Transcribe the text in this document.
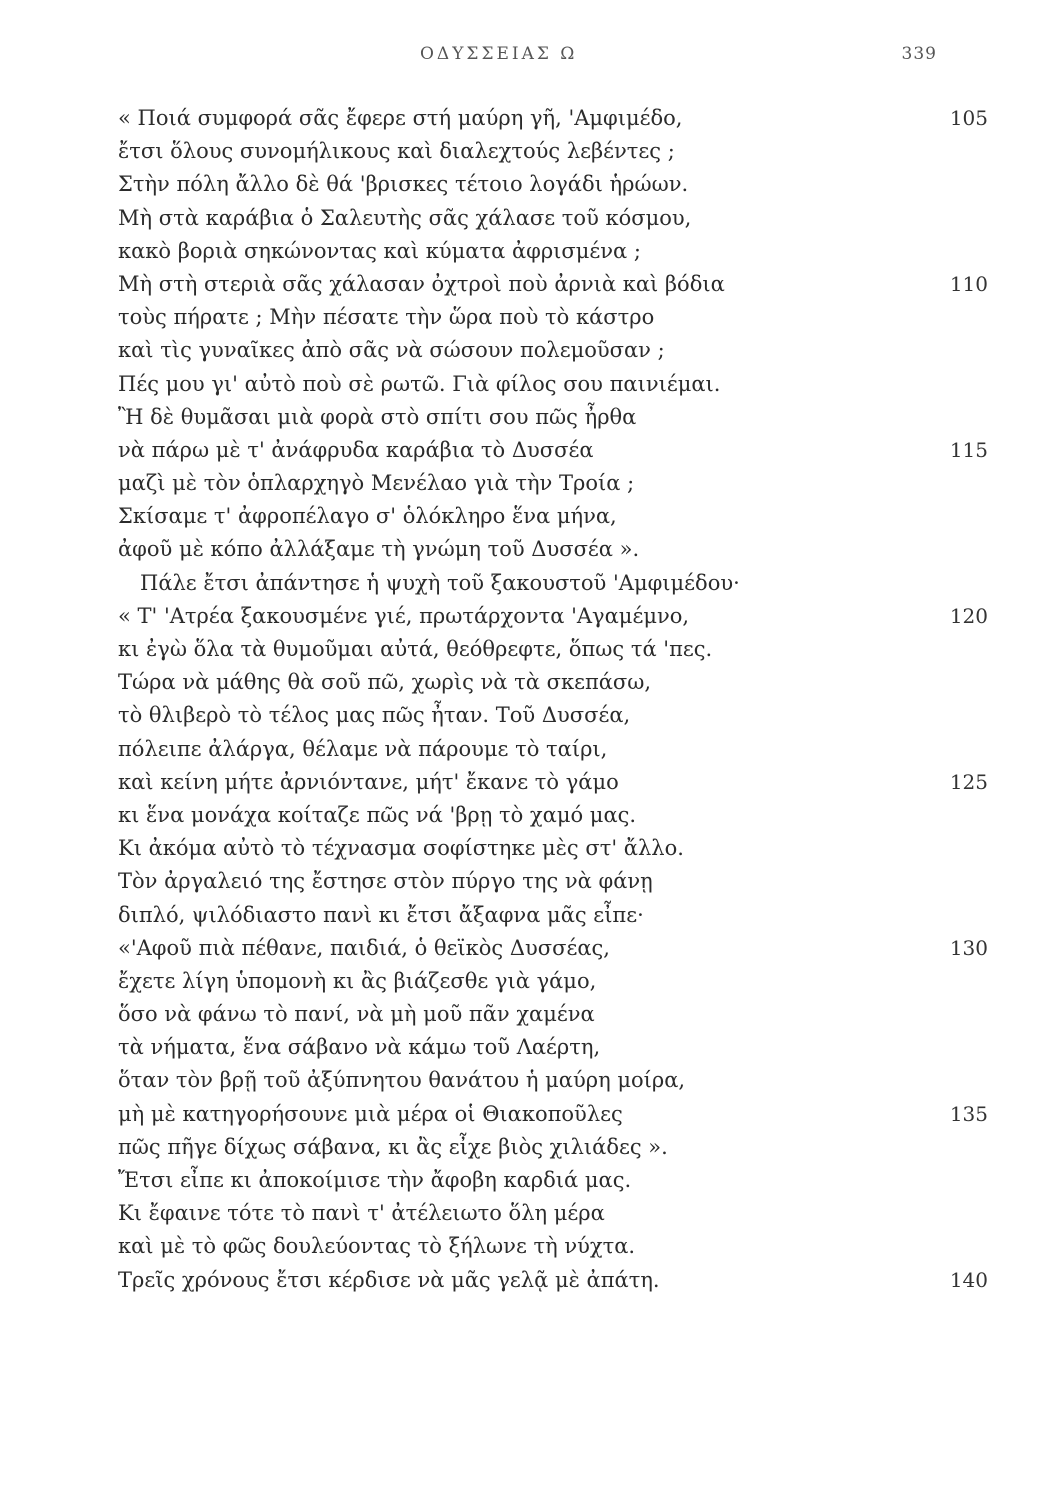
ΟΔΥΣΣΕΙΑΣ Ω	339
« Ποιά συμφορά σᾶς ἔφερε στή μαύρη γῆ, 'Αμφιμέδο,	105
ἔτσι ὅλους συνομήλικους καὶ διαλεχτούς λεβέντες ;
Στὴν πόλη ἄλλο δὲ θά 'βρισκες τέτοιο λογάδι ἡρώων.
Μὴ στὰ καράβια ὁ Σαλευτὴς σᾶς χάλασε τοῦ κόσμου,
κακὸ βοριὰ σηκώνοντας καὶ κύματα ἀφρισμένα ;
Μὴ στὴ στεριὰ σᾶς χάλασαν ὀχτροὶ ποὺ ἀρνιὰ καὶ βόδια	110
τοὺς πήρατε ; Μὴν πέσατε τὴν ὥρα ποὺ τὸ κάστρο
καὶ τὶς γυναῖκες ἀπὸ σᾶς νὰ σώσουν πολεμοῦσαν ;
Πές μου γι' αὐτὸ ποὺ σὲ ρωτῶ. Γιὰ φίλος σου παινιέμαι.
Ἢ δὲ θυμᾶσαι μιὰ φορὰ στὸ σπίτι σου πῶς ἦρθα
νὰ πάρω μὲ τ' ἀνάφρυδα καράβια τὸ Δυσσέα	115
μαζὶ μὲ τὸν ὁπλαρχηγὸ Μενέλαο γιὰ τὴν Τροία ;
Σκίσαμε τ' ἀφροπέλαγο σ' ὁλόκληρο ἕνα μήνα,
ἀφοῦ μὲ κόπο ἀλλάξαμε τὴ γνώμη τοῦ Δυσσέα ».
Πάλε ἔτσι ἀπάντησε ἡ ψυχὴ τοῦ ξακουστοῦ 'Αμφιμέδου·
« Τ' 'Ατρέα ξακουσμένε γιέ, πρωτάρχοντα 'Αγαμέμνο,	120
κι ἐγὼ ὅλα τὰ θυμοῦμαι αὐτά, θεόθρεφτε, ὅπως τά 'πες.
Τώρα νὰ μάθης θὰ σοῦ πῶ, χωρὶς νὰ τὰ σκεπάσω,
τὸ θλιβερὸ τὸ τέλος μας πῶς ἦταν. Τοῦ Δυσσέα,
πόλειπε ἀλάργα, θέλαμε νὰ πάρουμε τὸ ταίρι,
καὶ κείνη μήτε ἀρνιόντανε, μήτ' ἔκανε τὸ γάμο	125
κι ἕνα μονάχα κοίταζε πῶς νά 'βρῃ τὸ χαμό μας.
Κι ἀκόμα αὐτὸ τὸ τέχνασμα σοφίστηκε μὲς στ' ἄλλο.
Τὸν ἀργαλειό της ἔστησε στὸν πύργο της νὰ φάνῃ
διπλό, ψιλόδιαστο πανὶ κι ἔτσι ἄξαφνα μᾶς εἶπε·
«'Αφοῦ πιὰ πέθανε, παιδιά, ὁ θεϊκὸς Δυσσέας,	130
ἔχετε λίγη ὑπομονὴ κι ἂς βιάζεσθε γιὰ γάμο,
ὅσο νὰ φάνω τὸ πανί, νὰ μὴ μοῦ πᾶν χαμένα
τὰ νήματα, ἕνα σάβανο νὰ κάμω τοῦ Λαέρτη,
ὅταν τὸν βρῇ τοῦ ἀξύπνητου θανάτου ἡ μαύρη μοίρα,
μὴ μὲ κατηγορήσουνε μιὰ μέρα οἱ Θιακοποῦλες	135
πῶς πῆγε δίχως σάβανα, κι ἂς εἶχε βιὸς χιλιάδες ».
Ἔτσι εἶπε κι ἀποκοίμισε τὴν ἄφοβη καρδιά μας.
Κι ἔφαινε τότε τὸ πανὶ τ' ἀτέλειωτο ὅλη μέρα
καὶ μὲ τὸ φῶς δουλεύοντας τὸ ξήλωνε τὴ νύχτα.
Τρεῖς χρόνους ἔτσι κέρδισε νὰ μᾶς γελᾷ μὲ ἀπάτη.	140
